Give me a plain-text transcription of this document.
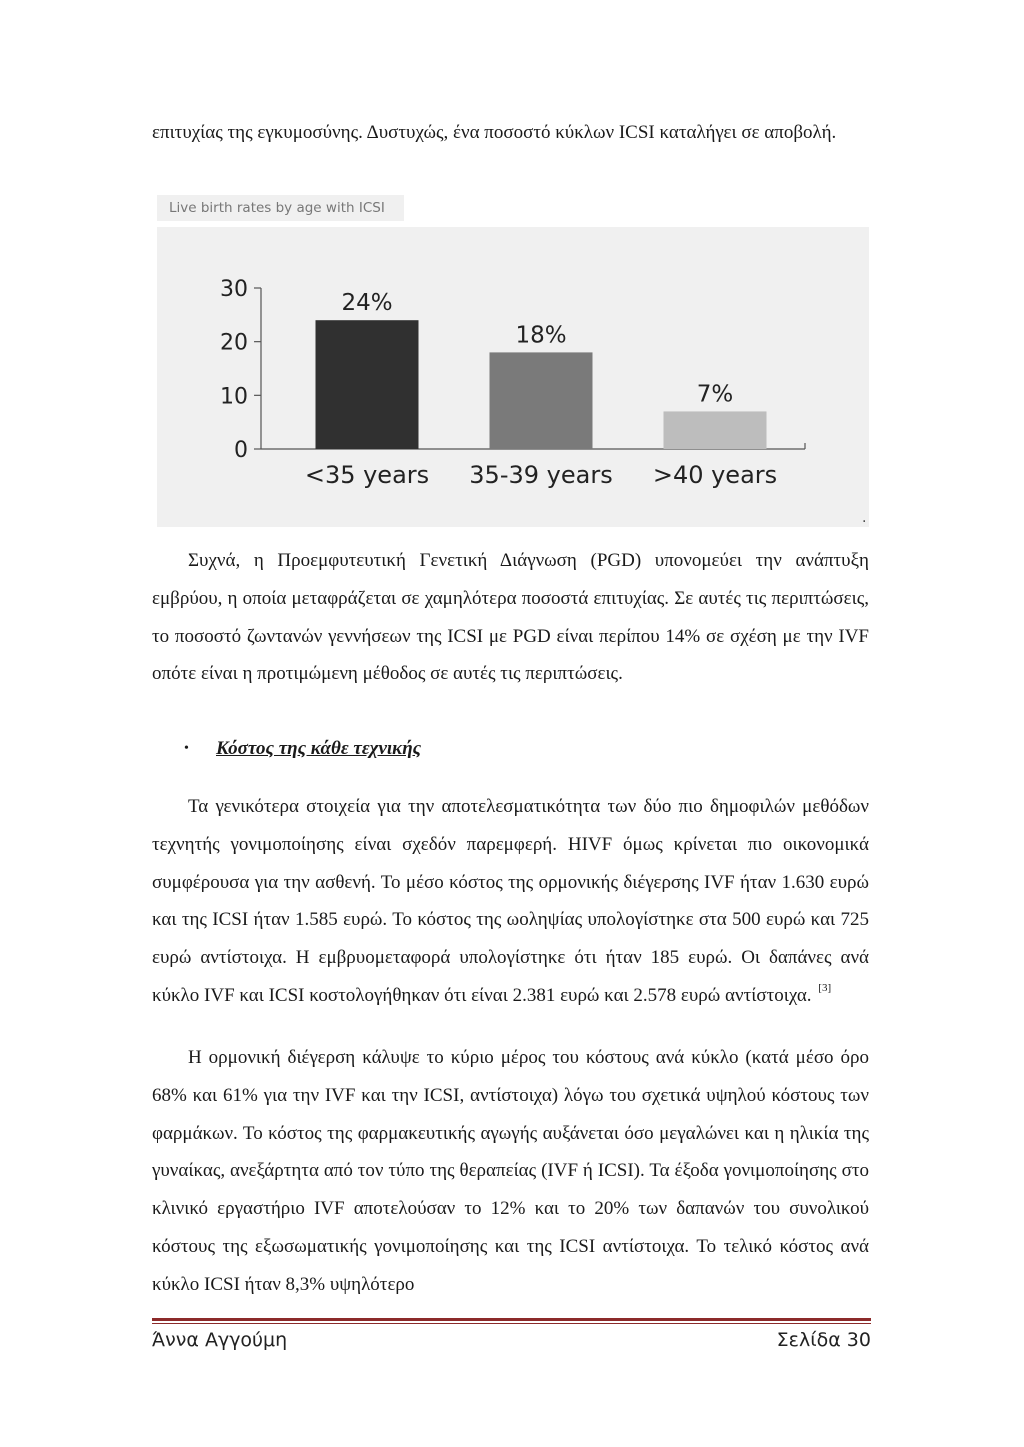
επιτυχίας της εγκυμοσύνης. Δυστυχώς, ένα ποσοστό κύκλων ICSI καταλήγει σε αποβολή.

Live birth rates by age with ICSI
0
10
20
30
24%
<35 years
18%
35-39 years
7%
>40 years
.

Συχνά, η Προεμφυτευτική Γενετική Διάγνωση (PGD) υπονομεύει την ανάπτυξη εμβρύου, η οποία μεταφράζεται σε χαμηλότερα ποσοστά επιτυχίας. Σε αυτές τις περιπτώσεις, το ποσοστό ζωντανών γεννήσεων της ICSI με PGD είναι περίπου 14% σε σχέση με την IVF οπότε είναι η προτιμώμενη μέθοδος σε αυτές τις περιπτώσεις.

• Κόστος της κάθε τεχνικής

Τα γενικότερα στοιχεία για την αποτελεσματικότητα των δύο πιο δημοφιλών μεθόδων τεχνητής γονιμοποίησης είναι σχεδόν παρεμφερή. ΗIVF όμως κρίνεται πιο οικονομικά συμφέρουσα για την ασθενή. Το μέσο κόστος της ορμονικής διέγερσης IVF ήταν 1.630 ευρώ και της ICSI ήταν 1.585 ευρώ. Το κόστος της ωοληψίας υπολογίστηκε στα 500 ευρώ και 725 ευρώ αντίστοιχα. Η εμβρυομεταφορά υπολογίστηκε ότι ήταν 185 ευρώ. Οι δαπάνες ανά κύκλο IVF και ICSI κοστολογήθηκαν ότι είναι 2.381 ευρώ και 2.578 ευρώ αντίστοιχα. [3]

Η ορμονική διέγερση κάλυψε το κύριο μέρος του κόστους ανά κύκλο (κατά μέσο όρο 68% και 61% για την IVF και την ICSI, αντίστοιχα) λόγω του σχετικά υψηλού κόστους των φαρμάκων. Το κόστος της φαρμακευτικής αγωγής αυξάνεται όσο μεγαλώνει και η ηλικία της γυναίκας, ανεξάρτητα από τον τύπο της θεραπείας (IVF ή ICSI). Τα έξοδα γονιμοποίησης στο κλινικό εργαστήριο IVF αποτελούσαν το 12% και το 20% των δαπανών του συνολικού κόστους της εξωσωματικής γονιμοποίησης και της ICSI αντίστοιχα. Το τελικό κόστος ανά κύκλο ICSI ήταν 8,3% υψηλότερο

Άννα Αγγούμη	Σελίδα 30
